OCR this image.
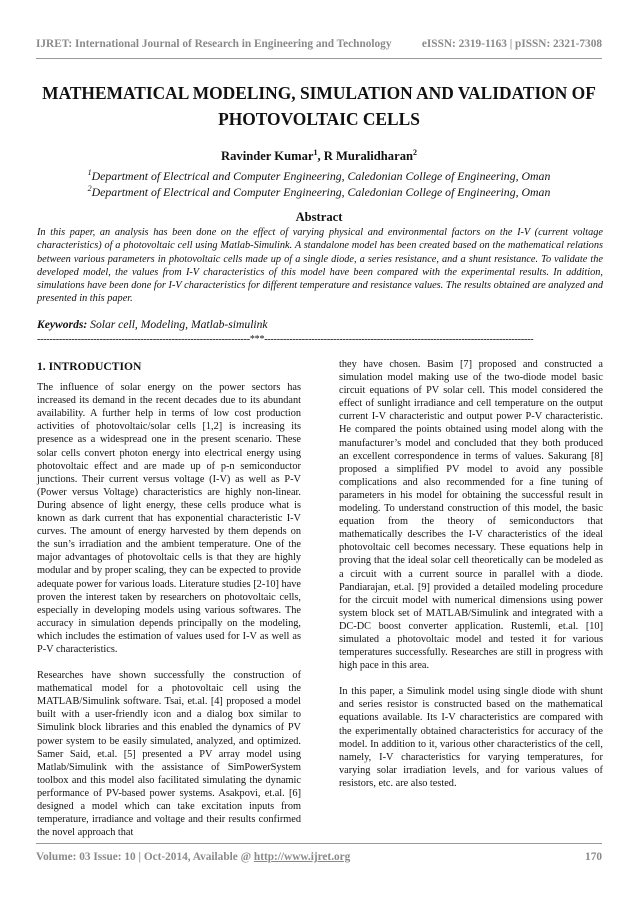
IJRET: International Journal of Research in Engineering and Technology	eISSN: 2319-1163 | pISSN: 2321-7308
MATHEMATICAL MODELING, SIMULATION AND VALIDATION OF PHOTOVOLTAIC CELLS
Ravinder Kumar$^1$, R Muralidharan$^2$
$^1$Department of Electrical and Computer Engineering, Caledonian College of Engineering, Oman
$^2$Department of Electrical and Computer Engineering, Caledonian College of Engineering, Oman
Abstract
In this paper, an analysis has been done on the effect of varying physical and environmental factors on the I-V (current voltage characteristics) of a photovoltaic cell using Matlab-Simulink. A standalone model has been created based on the mathematical relations between various parameters in photovoltaic cells made up of a single diode, a series resistance, and a shunt resistance. To validate the developed model, the values from I-V characteristics of this model have been compared with the experimental results. In addition, simulations have been done for I-V characteristics for different temperature and resistance values. The results obtained are analyzed and presented in this paper.
Keywords: Solar cell, Modeling, Matlab-simulink
--------------------------------------------------------------------***--------------------------------------------------------------------------------------
1. INTRODUCTION

The influence of solar energy on the power sectors has increased its demand in the recent decades due to its abundant availability. A further help in terms of low cost production activities of photovoltaic/solar cells [1,2] is increasing its presence as a widespread one in the present scenario. These solar cells convert photon energy into electrical energy using photovoltaic effect and are made up of p-n semiconductor junctions. Their current versus voltage (I-V) as well as P-V (Power versus Voltage) characteristics are highly non-linear. During absence of light energy, these cells produce what is known as dark current that has exponential characteristic I-V curves. The amount of energy harvested by them depends on the sun’s irradiation and the ambient temperature. One of the major advantages of photovoltaic cells is that they are highly modular and by proper scaling, they can be expected to provide adequate power for various loads. Literature studies [2-10] have proven the interest taken by researchers on photovoltaic cells, especially in developing models using various softwares. The accuracy in simulation depends principally on the modeling, which includes the estimation of values used for I-V as well as P-V characteristics.

Researches have shown successfully the construction of mathematical model for a photovoltaic cell using the MATLAB/Simulink software. Tsai, et.al. [4] proposed a model built with a user-friendly icon and a dialog box similar to Simulink block libraries and this enabled the dynamics of PV power system to be easily simulated, analyzed, and optimized. Samer Said, et.al. [5] presented a PV array model using Matlab/Simulink with the assistance of SimPowerSystem toolbox and this model also facilitated simulating the dynamic performance of PV-based power systems. Asakpovi, et.al. [6] designed a model which can take excitation inputs from temperature, irradiance and voltage and their results confirmed the novel approach that

they have chosen. Basim [7] proposed and constructed a simulation model making use of the two-diode model basic circuit equations of PV solar cell. This model considered the effect of sunlight irradiance and cell temperature on the output current I-V characteristic and output power P-V characteristic. He compared the points obtained using model along with the manufacturer’s model and concluded that they both produced an excellent correspondence in terms of values. Sakurang [8] proposed a simplified PV model to avoid any possible complications and also recommended for a fine tuning of parameters in his model for obtaining the successful result in modeling. To understand construction of this model, the basic equation from the theory of semiconductors that mathematically describes the I-V characteristics of the ideal photovoltaic cell becomes necessary. These equations help in proving that the ideal solar cell theoretically can be modeled as a circuit with a current source in parallel with a diode. Pandiarajan, et.al. [9] provided a detailed modeling procedure for the circuit model with numerical dimensions using power system block set of MATLAB/Simulink and integrated with a DC-DC boost converter application. Rustemli, et.al. [10] simulated a photovoltaic model and tested it for various temperatures successfully. Researches are still in progress with high pace in this area.

In this paper, a Simulink model using single diode with shunt and series resistor is constructed based on the mathematical equations available. Its I-V characteristics are compared with the experimentally obtained characteristics for accuracy of the model. In addition to it, various other characteristics of the cell, namely, I-V characteristics for varying temperatures, for varying solar irradiation levels, and for various values of resistors, etc. are also tested.

Volume: 03 Issue: 10 | Oct-2014, Available @ http://www.ijret.org	170
